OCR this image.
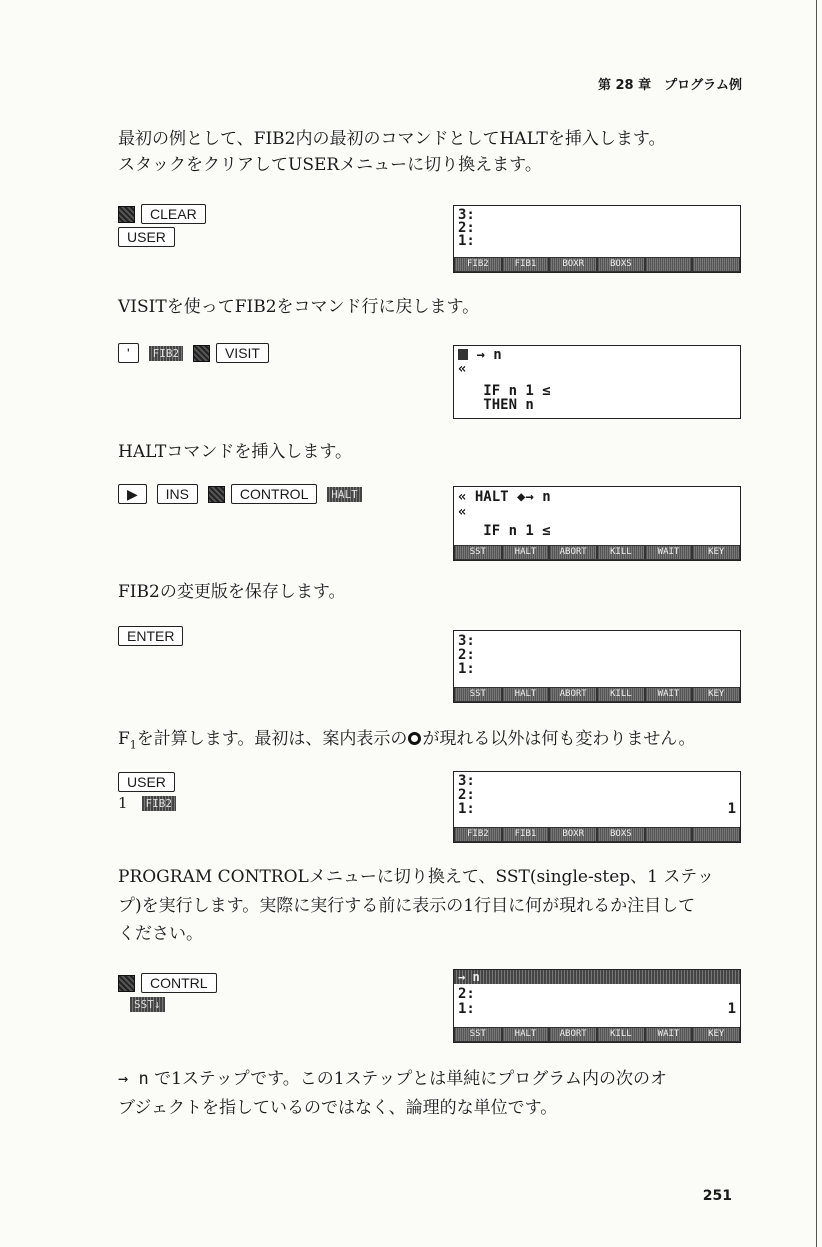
第 28 章　プログラム例
最初の例として、FIB2内の最初のコマンドとしてHALTを挿入します。
スタックをクリアしてUSERメニューに切り換えます。
CLEAR
USER
3:
2:
1:
FIB2	FIB1	BOXR	BOXS
VISITを使ってFIB2をコマンド行に戻します。
' FIB2	VISIT	→ n
«
IF n 1 ≤
THEN n
HALTコマンドを挿入します。
▶ INS	CONTROL HALT	« HALT ◆→ n
«
IF n 1 ≤
SST	HALT	ABORT	KILL	WAIT	KEY
FIB2の変更版を保存します。
ENTER	3:
2:
1:
SST	HALT	ABORT	KILL	WAIT	KEY
$F_1$を計算します。最初は、案内表示の が現れる以外は何も変わりません。
USER
1 FIB2
3:
2:
1:	1
FIB2	FIB1	BOXR	BOXS
PROGRAM CONTROLメニューに切り換えて、SST(single-step、1 ステッ
プ)を実行します。実際に実行する前に表示の1行目に何が現れるか注目して
ください。
CONTRL
SST↓
→ n
2:
1:	1
SST	HALT	ABORT	KILL	WAIT	KEY
→ n で1ステップです。この1ステップとは単純にプログラム内の次のオ
ブジェクトを指しているのではなく、論理的な単位です。
251
